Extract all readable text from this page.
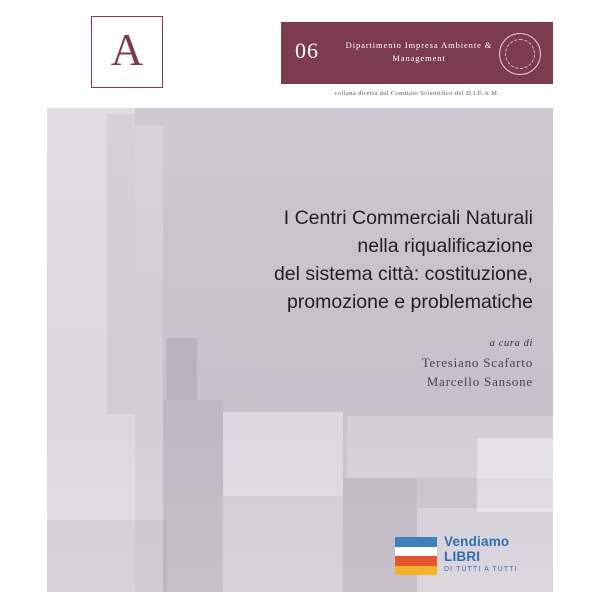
A	06	Dipartimento Impresa Ambiente & Management
collana diretta dal Comitato Scientifico del D.I.E.A.M.
I Centri Commerciali Naturali
nella riqualificazione
del sistema città: costituzione,
promozione e problematiche
a cura di
Teresiano Scafarto
Marcello Sansone
Vendiamo
LIBRI
DI TUTTI A TUTTI
